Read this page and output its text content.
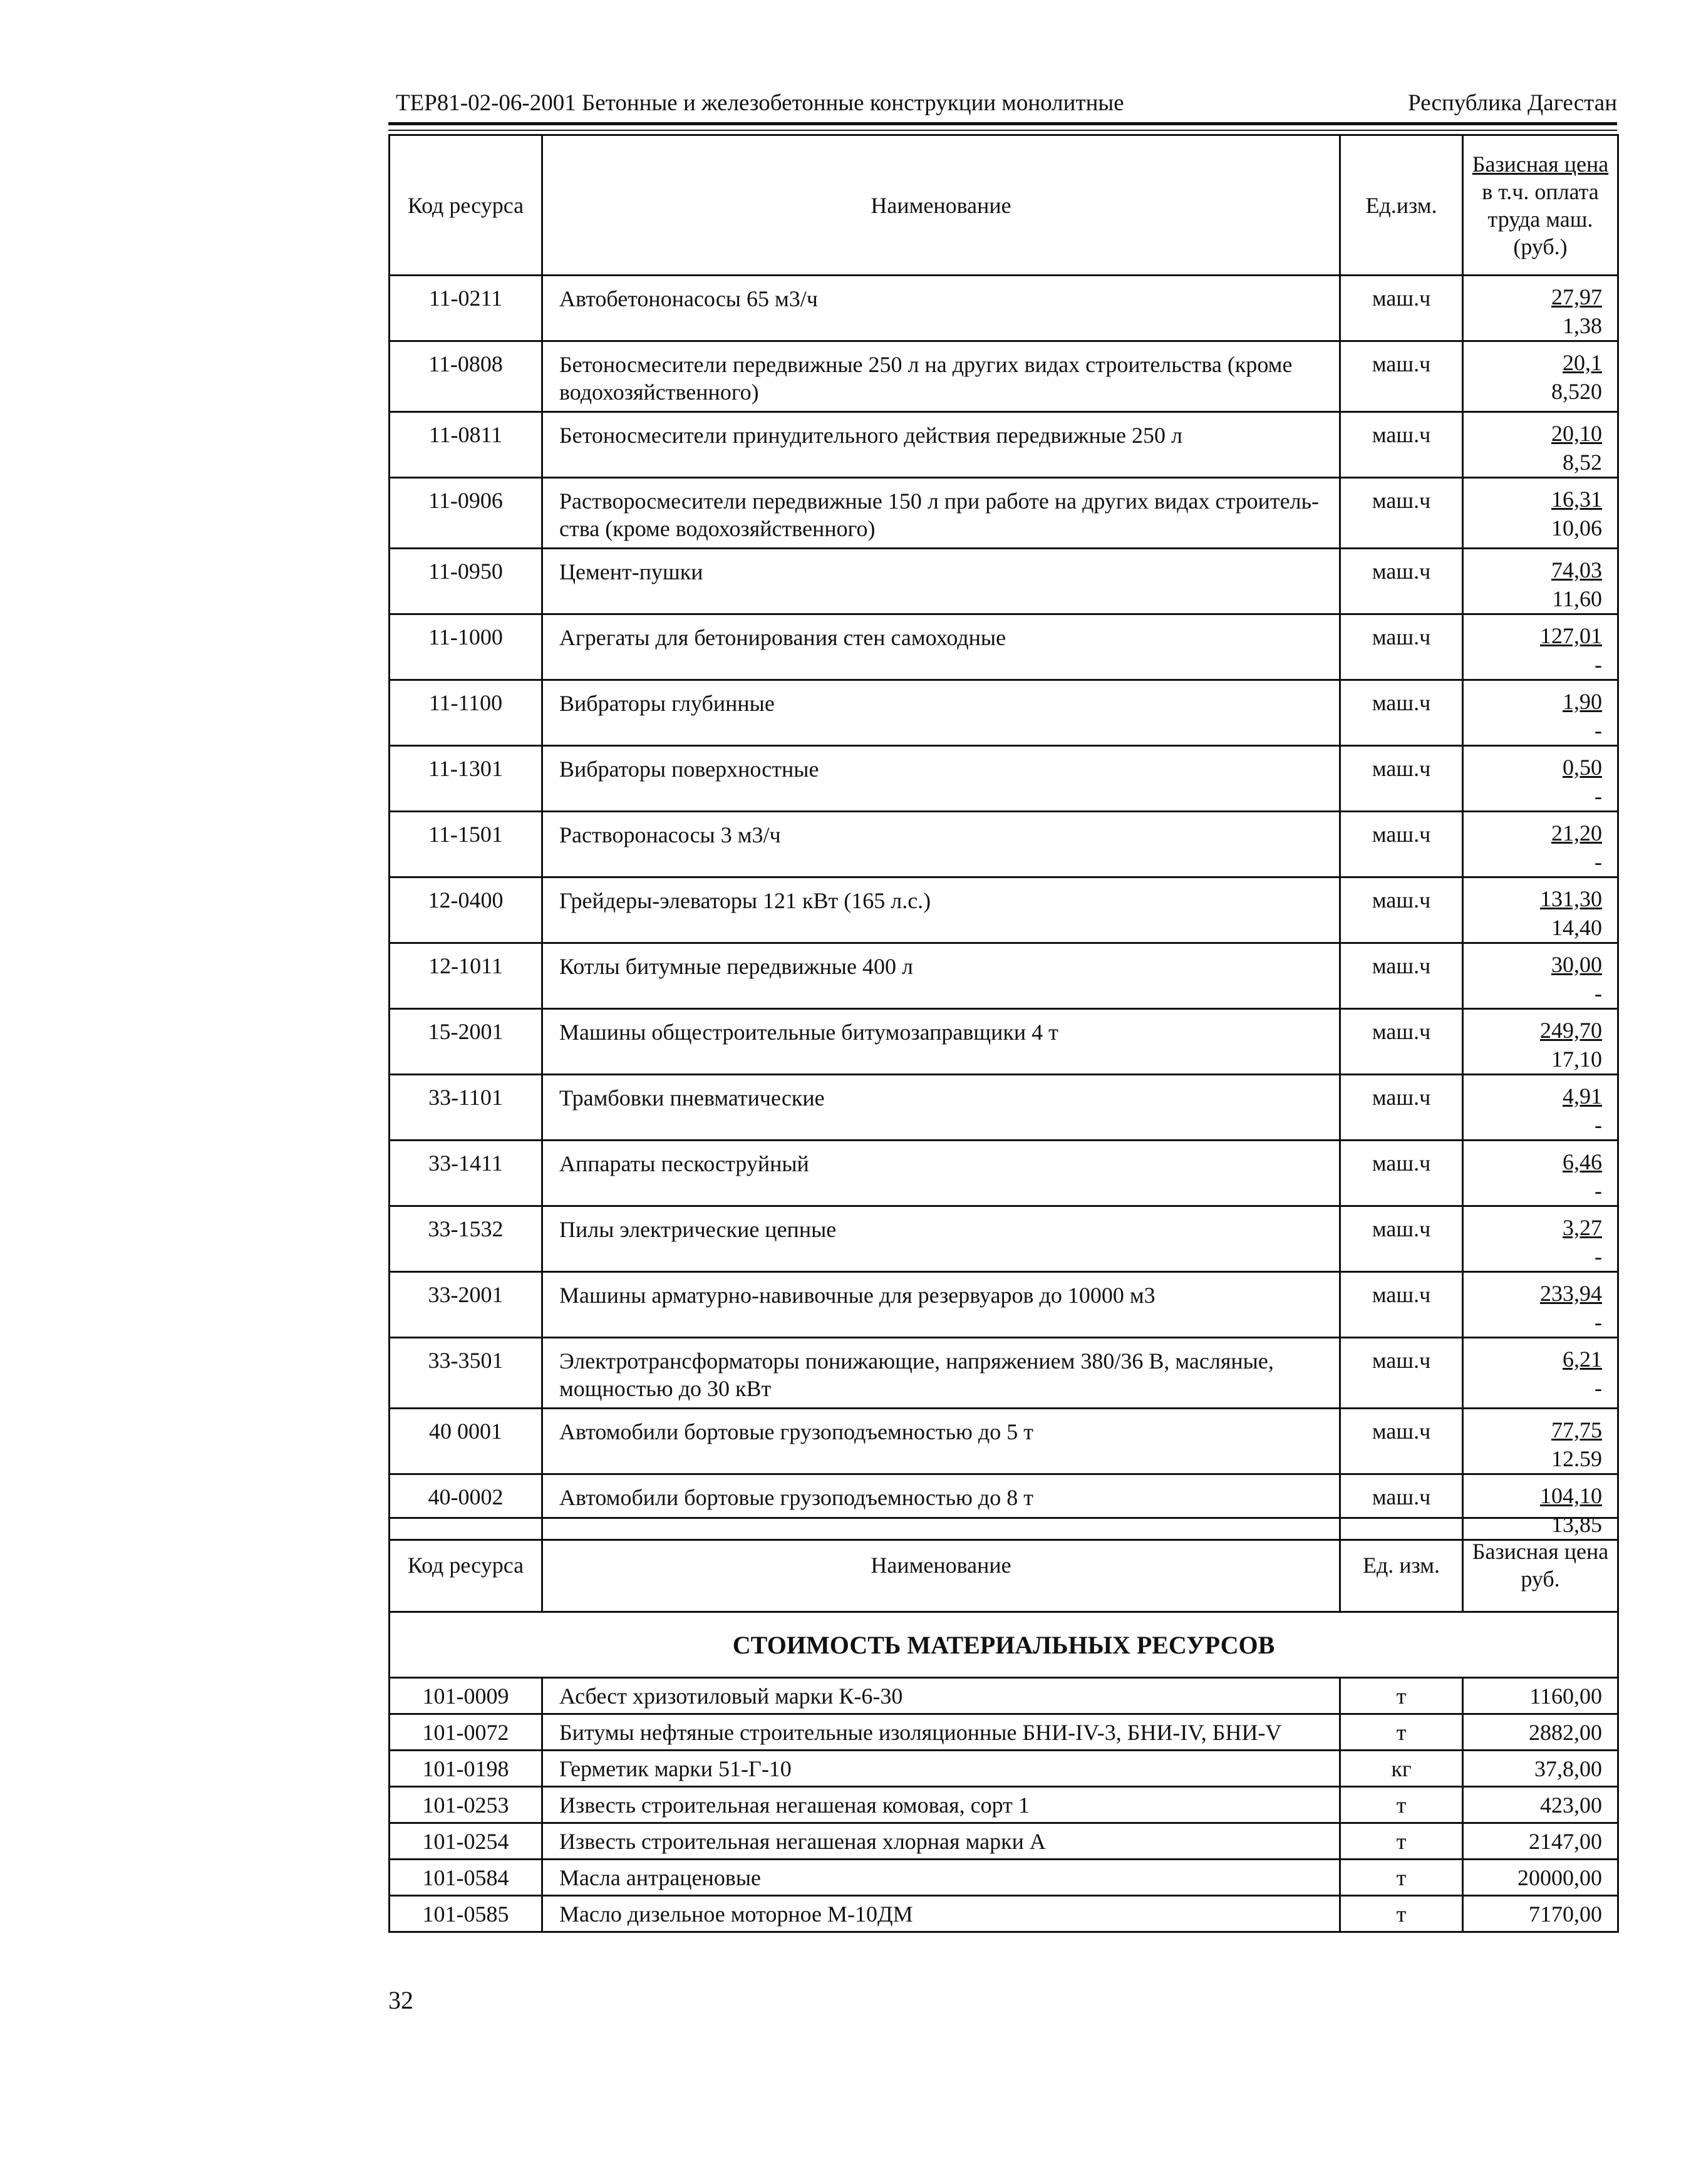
ТЕР81-02-06-2001 Бетонные и железобетонные конструкции монолитные	Республика Дагестан
Код ресурса	Наименование	Ед.изм.	Базисная цена
в т.ч. оплата
труда маш.
(руб.)

11-0211	Автобетононасосы 65 м3/ч	маш.ч	27,97
1,38

11-0808	Бетоносмесители передвижные 250 л на других видах строительства (кроме водохозяйственного)	маш.ч	20,1
8,520

11-0811	Бетоносмесители принудительного действия передвижные 250 л	маш.ч	20,10
8,52

11-0906	Растворосмесители передвижные 150 л при работе на других видах строитель-ства (кроме водохозяйственного)	маш.ч	16,31
10,06

11-0950	Цемент-пушки	маш.ч	74,03
11,60

11-1000	Агрегаты для бетонирования стен самоходные	маш.ч	127,01
-

11-1100	Вибраторы глубинные	маш.ч	1,90
-

11-1301	Вибраторы поверхностные	маш.ч	0,50
-

11-1501	Растворонасосы 3 м3/ч	маш.ч	21,20
-

12-0400	Грейдеры-элеваторы 121 кВт (165 л.с.)	маш.ч	131,30
14,40

12-1011	Котлы битумные передвижные 400 л	маш.ч	30,00
-

15-2001	Машины общестроительные битумозаправщики 4 т	маш.ч	249,70
17,10

33-1101	Трамбовки пневматические	маш.ч	4,91
-

33-1411	Аппараты пескоструйный	маш.ч	6,46
-

33-1532	Пилы электрические цепные	маш.ч	3,27
-

33-2001	Машины арматурно-навивочные для резервуаров до 10000 м3	маш.ч	233,94
-

33-3501	Электротрансформаторы понижающие, напряжением 380/36 В, масляные, мощностью до 30 кВт	маш.ч	6,21
-

40 0001	Автомобили бортовые грузоподъемностью до 5 т	маш.ч	77,75
12.59

40-0002	Автомобили бортовые грузоподъемностью до 8 т	маш.ч	104,10
13,85
Код ресурса	Наименование	Ед. изм.	Базисная цена
руб.

СТОИМОСТЬ МАТЕРИАЛЬНЫХ РЕСУРСОВ			
101-0009	Асбест хризотиловый марки К-6-30	т	1160,00
101-0072	Битумы нефтяные строительные изоляционные БНИ-IV-3, БНИ-IV, БНИ-V	т	2882,00
101-0198	Герметик марки 51-Г-10	кг	37,8,00
101-0253	Известь строительная негашеная комовая, сорт 1	т	423,00
101-0254	Известь строительная негашеная хлорная марки А	т	2147,00
101-0584	Масла антраценовые	т	20000,00
101-0585	Масло дизельное моторное М-10ДМ	т	7170,00
32
